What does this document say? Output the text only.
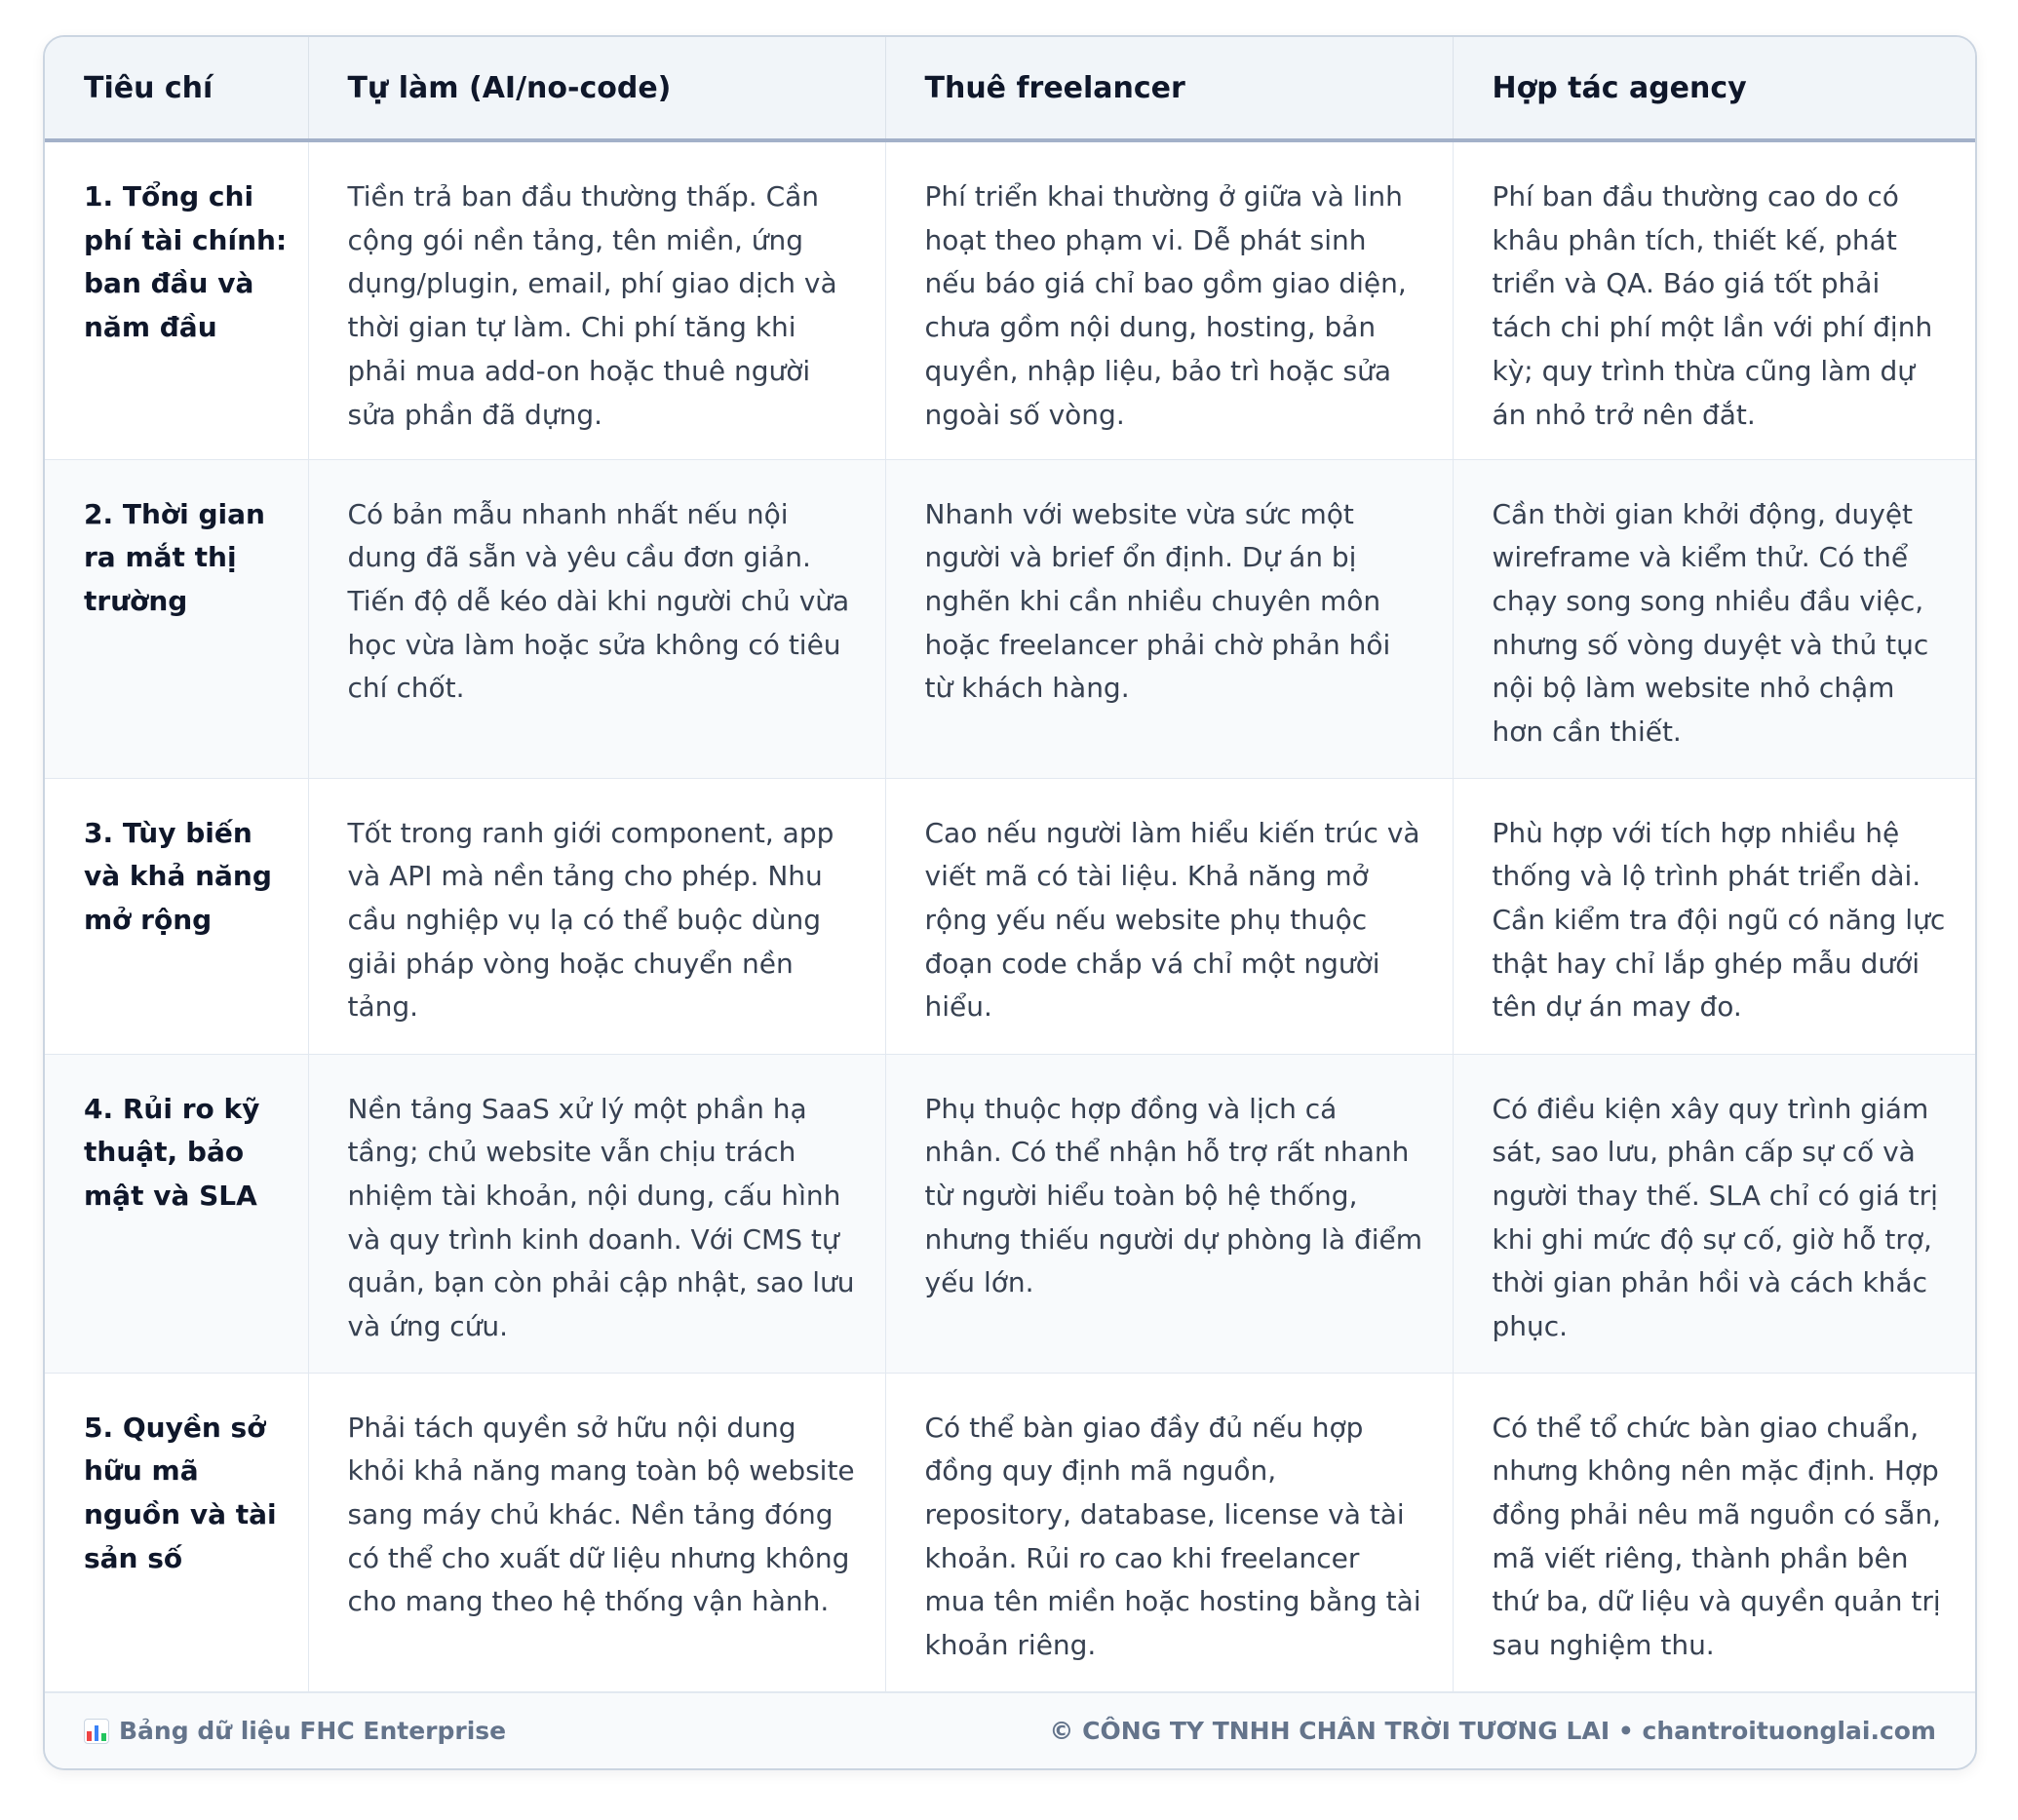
Tiêu chí	Tự làm (AI/no-code)	Thuê freelancer	Hợp tác agency
1. Tổng chi phí tài chính: ban đầu và năm đầu	Tiền trả ban đầu thường thấp. Cần cộng gói nền tảng, tên miền, ứng dụng/plugin, email, phí giao dịch và thời gian tự làm. Chi phí tăng khi phải mua add-on hoặc thuê người sửa phần đã dựng.	Phí triển khai thường ở giữa và linh hoạt theo phạm vi. Dễ phát sinh nếu báo giá chỉ bao gồm giao diện, chưa gồm nội dung, hosting, bản quyền, nhập liệu, bảo trì hoặc sửa ngoài số vòng.	Phí ban đầu thường cao do có khâu phân tích, thiết kế, phát triển và QA. Báo giá tốt phải tách chi phí một lần với phí định kỳ; quy trình thừa cũng làm dự án nhỏ trở nên đắt.
2. Thời gian ra mắt thị trường	Có bản mẫu nhanh nhất nếu nội dung đã sẵn và yêu cầu đơn giản. Tiến độ dễ kéo dài khi người chủ vừa học vừa làm hoặc sửa không có tiêu chí chốt.	Nhanh với website vừa sức một người và brief ổn định. Dự án bị nghẽn khi cần nhiều chuyên môn hoặc freelancer phải chờ phản hồi từ khách hàng.	Cần thời gian khởi động, duyệt wireframe và kiểm thử. Có thể chạy song song nhiều đầu việc, nhưng số vòng duyệt và thủ tục nội bộ làm website nhỏ chậm hơn cần thiết.
3. Tùy biến và khả năng mở rộng	Tốt trong ranh giới component, app và API mà nền tảng cho phép. Nhu cầu nghiệp vụ lạ có thể buộc dùng giải pháp vòng hoặc chuyển nền tảng.	Cao nếu người làm hiểu kiến trúc và viết mã có tài liệu. Khả năng mở rộng yếu nếu website phụ thuộc đoạn code chắp vá chỉ một người hiểu.	Phù hợp với tích hợp nhiều hệ thống và lộ trình phát triển dài. Cần kiểm tra đội ngũ có năng lực thật hay chỉ lắp ghép mẫu dưới tên dự án may đo.
4. Rủi ro kỹ thuật, bảo mật và SLA	Nền tảng SaaS xử lý một phần hạ tầng; chủ website vẫn chịu trách nhiệm tài khoản, nội dung, cấu hình và quy trình kinh doanh. Với CMS tự quản, bạn còn phải cập nhật, sao lưu và ứng cứu.	Phụ thuộc hợp đồng và lịch cá nhân. Có thể nhận hỗ trợ rất nhanh từ người hiểu toàn bộ hệ thống, nhưng thiếu người dự phòng là điểm yếu lớn.	Có điều kiện xây quy trình giám sát, sao lưu, phân cấp sự cố và người thay thế. SLA chỉ có giá trị khi ghi mức độ sự cố, giờ hỗ trợ, thời gian phản hồi và cách khắc phục.
5. Quyền sở hữu mã nguồn và tài sản số	Phải tách quyền sở hữu nội dung khỏi khả năng mang toàn bộ website sang máy chủ khác. Nền tảng đóng có thể cho xuất dữ liệu nhưng không cho mang theo hệ thống vận hành.	Có thể bàn giao đầy đủ nếu hợp đồng quy định mã nguồn, repository, database, license và tài khoản. Rủi ro cao khi freelancer mua tên miền hoặc hosting bằng tài khoản riêng.	Có thể tổ chức bàn giao chuẩn, nhưng không nên mặc định. Hợp đồng phải nêu mã nguồn có sẵn, mã viết riêng, thành phần bên thứ ba, dữ liệu và quyền quản trị sau nghiệm thu.
Bảng dữ liệu FHC Enterprise	© CÔNG TY TNHH CHÂN TRỜI TƯƠNG LAI • chantroituonglai.com
